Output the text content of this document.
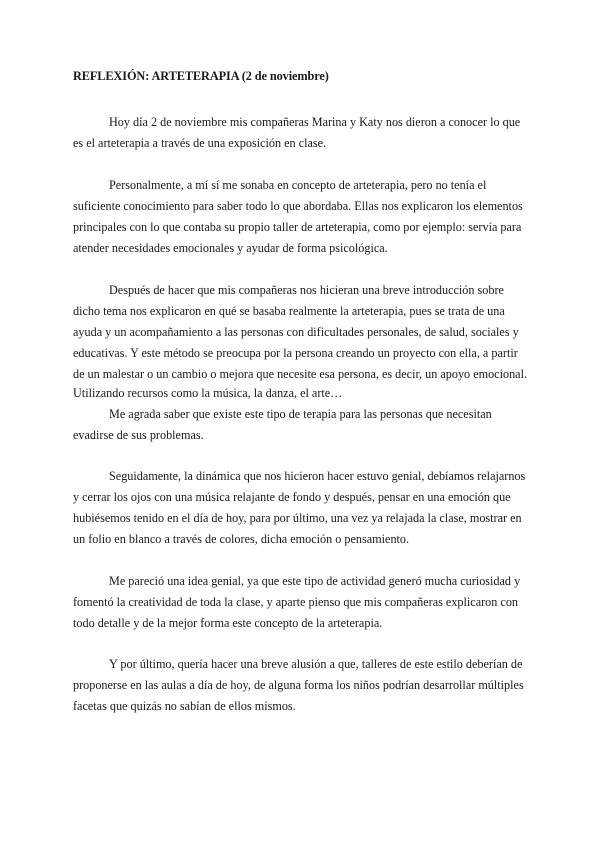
REFLEXIÓN: ARTETERAPIA (2 de noviembre)
Hoy día 2 de noviembre mis compañeras Marina y Katy nos dieron a conocer lo que
es el arteterapia a través de una exposición en clase.
Personalmente, a mí sí me sonaba en concepto de arteterapia, pero no tenía el
suficiente conocimiento para saber todo lo que abordaba. Ellas nos explicaron los elementos
principales con lo que contaba su propio taller de arteterapia, como por ejemplo: servía para
atender necesidades emocionales y ayudar de forma psicológica.
Después de hacer que mis compañeras nos hicieran una breve introducción sobre
dicho tema nos explicaron en qué se basaba realmente la arteterapia, pues se trata de una
ayuda y un acompañamiento a las personas con dificultades personales, de salud, sociales y
educativas. Y este método se preocupa por la persona creando un proyecto con ella, a partir
de un malestar o un cambio o mejora que necesite esa persona, es decir, un apoyo emocional.
Utilizando recursos como la música, la danza, el arte…
Me agrada saber que existe este tipo de terapia para las personas que necesitan
evadirse de sus problemas.
Seguidamente, la dinámica que nos hicieron hacer estuvo genial, debíamos relajarnos
y cerrar los ojos con una música relajante de fondo y después, pensar en una emoción que
hubiésemos tenido en el día de hoy, para por último, una vez ya relajada la clase, mostrar en
un folio en blanco a través de colores, dicha emoción o pensamiento.
Me pareció una idea genial, ya que este tipo de actividad generó mucha curiosidad y
fomentó la creatividad de toda la clase, y aparte pienso que mis compañeras explicaron con
todo detalle y de la mejor forma este concepto de la arteterapia.
Y por último, quería hacer una breve alusión a que, talleres de este estilo deberían de
proponerse en las aulas a día de hoy, de alguna forma los niños podrían desarrollar múltiples
facetas que quizás no sabían de ellos mismos.
